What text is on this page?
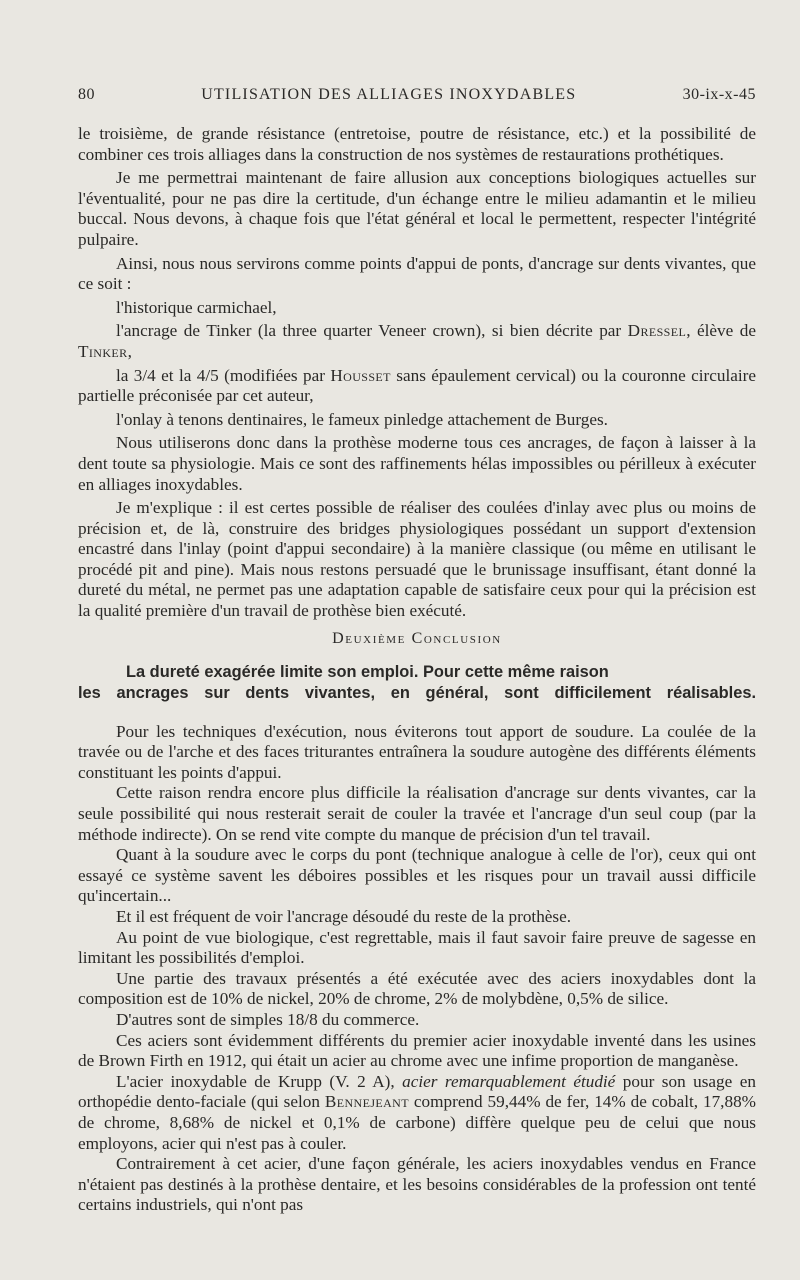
80	UTILISATION DES ALLIAGES INOXYDABLES	30-ix-x-45

le troisième, de grande résistance (entretoise, poutre de résistance, etc.) et la possibilité de combiner ces trois alliages dans la construction de nos systèmes de restaurations prothétiques.

Je me permettrai maintenant de faire allusion aux conceptions biologiques actuelles sur l'éventualité, pour ne pas dire la certitude, d'un échange entre le milieu adamantin et le milieu buccal. Nous devons, à chaque fois que l'état général et local le permettent, respecter l'intégrité pulpaire.

Ainsi, nous nous servirons comme points d'appui de ponts, d'ancrage sur dents vivantes, que ce soit :

l'historique carmichael,

l'ancrage de Tinker (la three quarter Veneer crown), si bien décrite par Dressel, élève de Tinker,

la 3/4 et la 4/5 (modifiées par Housset sans épaulement cervical) ou la couronne circulaire partielle préconisée par cet auteur,

l'onlay à tenons dentinaires, le fameux pinledge attachement de Burges.

Nous utiliserons donc dans la prothèse moderne tous ces ancrages, de façon à laisser à la dent toute sa physiologie. Mais ce sont des raffinements hélas impossibles ou périlleux à exécuter en alliages inoxydables.

Je m'explique : il est certes possible de réaliser des coulées d'inlay avec plus ou moins de précision et, de là, construire des bridges physiologiques possédant un support d'extension encastré dans l'inlay (point d'appui secondaire) à la manière classique (ou même en utilisant le procédé pit and pine). Mais nous restons persuadé que le brunissage insuffisant, étant donné la dureté du métal, ne permet pas une adaptation capable de satisfaire ceux pour qui la précision est la qualité première d'un travail de prothèse bien exécuté.

Deuxième Conclusion
La dureté exagérée limite son emploi. Pour cette même raison
les ancrages sur dents vivantes, en général, sont difficilement réalisables.

Pour les techniques d'exécution, nous éviterons tout apport de soudure. La coulée de la travée ou de l'arche et des faces triturantes entraînera la soudure autogène des différents éléments constituant les points d'appui.

Cette raison rendra encore plus difficile la réalisation d'ancrage sur dents vivantes, car la seule possibilité qui nous resterait serait de couler la travée et l'ancrage d'un seul coup (par la méthode indirecte). On se rend vite compte du manque de précision d'un tel travail.

Quant à la soudure avec le corps du pont (technique analogue à celle de l'or), ceux qui ont essayé ce système savent les déboires possibles et les risques pour un travail aussi difficile qu'incertain...

Et il est fréquent de voir l'ancrage désoudé du reste de la prothèse.

Au point de vue biologique, c'est regrettable, mais il faut savoir faire preuve de sagesse en limitant les possibilités d'emploi.

Une partie des travaux présentés a été exécutée avec des aciers inoxydables dont la composition est de 10% de nickel, 20% de chrome, 2% de molybdène, 0,5% de silice.

D'autres sont de simples 18/8 du commerce.

Ces aciers sont évidemment différents du premier acier inoxydable inventé dans les usines de Brown Firth en 1912, qui était un acier au chrome avec une infime proportion de manganèse.

L'acier inoxydable de Krupp (V. 2 A), acier remarquablement étudié pour son usage en orthopédie dento-faciale (qui selon Bennejeant comprend 59,44% de fer, 14% de cobalt, 17,88% de chrome, 8,68% de nickel et 0,1% de carbone) diffère quelque peu de celui que nous employons, acier qui n'est pas à couler.

Contrairement à cet acier, d'une façon générale, les aciers inoxydables vendus en France n'étaient pas destinés à la prothèse dentaire, et les besoins considérables de la profession ont tenté certains industriels, qui n'ont pas
